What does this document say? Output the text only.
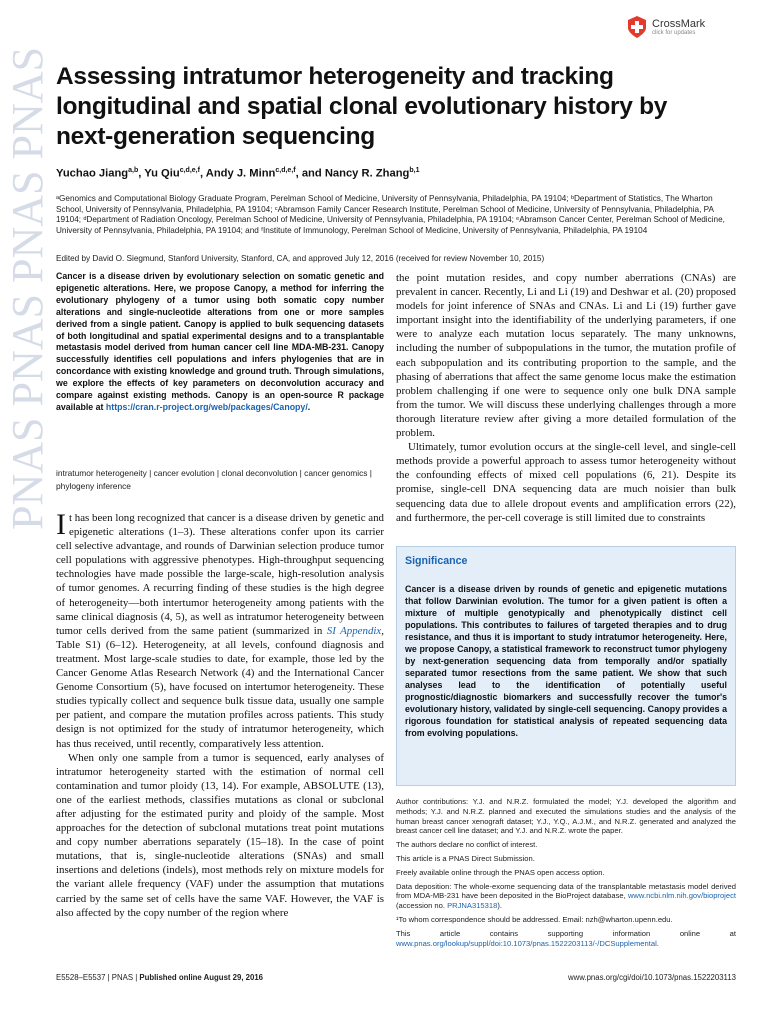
PNAS PNAS PNAS PNAS
CrossMark
click for updates
Assessing intratumor heterogeneity and tracking longitudinal and spatial clonal evolutionary history by next-generation sequencing
Yuchao Jiang$^{a,b}$, Yu Qiu$^{c,d,e,f}$, Andy J. Minn$^{c,d,e,f}$, and Nancy R. Zhang$^{b,1}$

ᵃGenomics and Computational Biology Graduate Program, Perelman School of Medicine, University of Pennsylvania, Philadelphia, PA 19104; ᵇDepartment of Statistics, The Wharton School, University of Pennsylvania, Philadelphia, PA 19104; ᶜAbramson Family Cancer Research Institute, Perelman School of Medicine, University of Pennsylvania, Philadelphia, PA 19104; ᵈDepartment of Radiation Oncology, Perelman School of Medicine, University of Pennsylvania, Philadelphia, PA 19104; ᵉAbramson Cancer Center, Perelman School of Medicine, University of Pennsylvania, Philadelphia, PA 19104; and ᶠInstitute of Immunology, Perelman School of Medicine, University of Pennsylvania, Philadelphia, PA 19104

Edited by David O. Siegmund, Stanford University, Stanford, CA, and approved July 12, 2016 (received for review November 10, 2015)

Cancer is a disease driven by evolutionary selection on somatic genetic and epigenetic alterations. Here, we propose Canopy, a method for inferring the evolutionary phylogeny of a tumor using both somatic copy number alterations and single-nucleotide alterations from one or more samples derived from a single patient. Canopy is applied to bulk sequencing datasets of both longitudinal and spatial experimental designs and to a transplantable metastasis model derived from human cancer cell line MDA-MB-231. Canopy successfully identifies cell populations and infers phylogenies that are in concordance with existing knowledge and ground truth. Through simulations, we explore the effects of key parameters on deconvolution accuracy and compare against existing methods. Canopy is an open-source R package available at https://cran.r-project.org/web/packages/Canopy/.

intratumor heterogeneity | cancer evolution | clonal deconvolution | cancer genomics | phylogeny inference

It has been long recognized that cancer is a disease driven by genetic and epigenetic alterations (1–3). These alterations confer upon its carrier cell selective advantage, and rounds of Darwinian selection produce tumor cell populations with aggressive phenotypes. High-throughput sequencing technologies have made possible the large-scale, high-resolution analysis of tumor genomes. A recurring finding of these studies is the high degree of heterogeneity—both intertumor heterogeneity among patients with the same clinical diagnosis (4, 5), as well as intratumor heterogeneity between tumor cells derived from the same patient (summarized in SI Appendix, Table S1) (6–12). Heterogeneity, at all levels, confound diagnosis and treatment. Most large-scale studies to date, for example, those led by the Cancer Genome Atlas Research Network (4) and the International Cancer Genome Consortium (5), have focused on intertumor heterogeneity. These studies typically collect and sequence bulk tissue data, usually one sample per patient, and compare the mutation profiles across patients. This study design is not optimized for the study of intratumor heterogeneity, which has thus received, until recently, comparatively less attention.

When only one sample from a tumor is sequenced, early analyses of intratumor heterogeneity started with the estimation of normal cell contamination and tumor ploidy (13, 14). For example, ABSOLUTE (13), one of the earliest methods, classifies mutations as clonal or subclonal after adjusting for the estimated purity and ploidy of the sample. Most approaches for the detection of subclonal mutations treat point mutations and copy number aberrations separately (15–18). In the case of point mutations, that is, single-nucleotide alterations (SNAs) and small insertions and deletions (indels), most methods rely on mixture models for the variant allele frequency (VAF) under the assumption that mutations carried by the same set of cells have the same VAF. However, the VAF is also affected by the copy number of the region where

the point mutation resides, and copy number aberrations (CNAs) are prevalent in cancer. Recently, Li and Li (19) and Deshwar et al. (20) proposed models for joint inference of SNAs and CNAs. Li and Li (19) further gave important insight into the identifiability of the underlying parameters, if one were to analyze each mutation locus separately. The many unknowns, including the number of subpopulations in the tumor, the mutation profile of each subpopulation and its contributing proportion to the sample, and the phasing of aberrations that affect the same genome locus make the estimation problem challenging if one were to sequence only one bulk DNA sample from the tumor. We will discuss these underlying challenges through a more thorough literature review after giving a more detailed formulation of the problem.

Ultimately, tumor evolution occurs at the single-cell level, and single-cell methods provide a powerful approach to assess tumor heterogeneity without the confounding effects of mixed cell populations (6, 21). Despite its promise, single-cell DNA sequencing data are much noisier than bulk sequencing data due to allele dropout events and amplification errors (22), and furthermore, the per-cell coverage is still limited due to constraints

Significance

Cancer is a disease driven by rounds of genetic and epigenetic mutations that follow Darwinian evolution. The tumor for a given patient is often a mixture of multiple genotypically and phenotypically distinct cell populations. This contributes to failures of targeted therapies and to drug resistance, and thus it is important to study intratumor heterogeneity. Here, we propose Canopy, a statistical framework to reconstruct tumor phylogeny by next-generation sequencing data from temporally and/or spatially separated tumor resections from the same patient. We show that such analyses lead to the identification of potentially useful prognostic/diagnostic biomarkers and successfully recover the tumor's evolutionary history, validated by single-cell sequencing. Canopy provides a rigorous foundation for statistical analysis of repeated sequencing data from evolving populations.

Author contributions: Y.J. and N.R.Z. formulated the model; Y.J. developed the algorithm and methods; Y.J. and N.R.Z. planned and executed the simulations studies and the analysis of the human breast cancer xenograft dataset; Y.J., Y.Q., A.J.M., and N.R.Z. generated and analyzed the breast cancer cell line dataset; and Y.J. and N.R.Z. wrote the paper.

The authors declare no conflict of interest.

This article is a PNAS Direct Submission.

Freely available online through the PNAS open access option.

Data deposition: The whole-exome sequencing data of the transplantable metastasis model derived from MDA-MB-231 have been deposited in the BioProject database, www.ncbi.nlm.nih.gov/bioproject (accession no. PRJNA315318).

¹To whom correspondence should be addressed. Email: nzh@wharton.upenn.edu.

This article contains supporting information online at www.pnas.org/lookup/suppl/doi:10.1073/pnas.1522203113/-/DCSupplemental.

E5528–E5537 | PNAS | Published online August 29, 2016	www.pnas.org/cgi/doi/10.1073/pnas.1522203113
